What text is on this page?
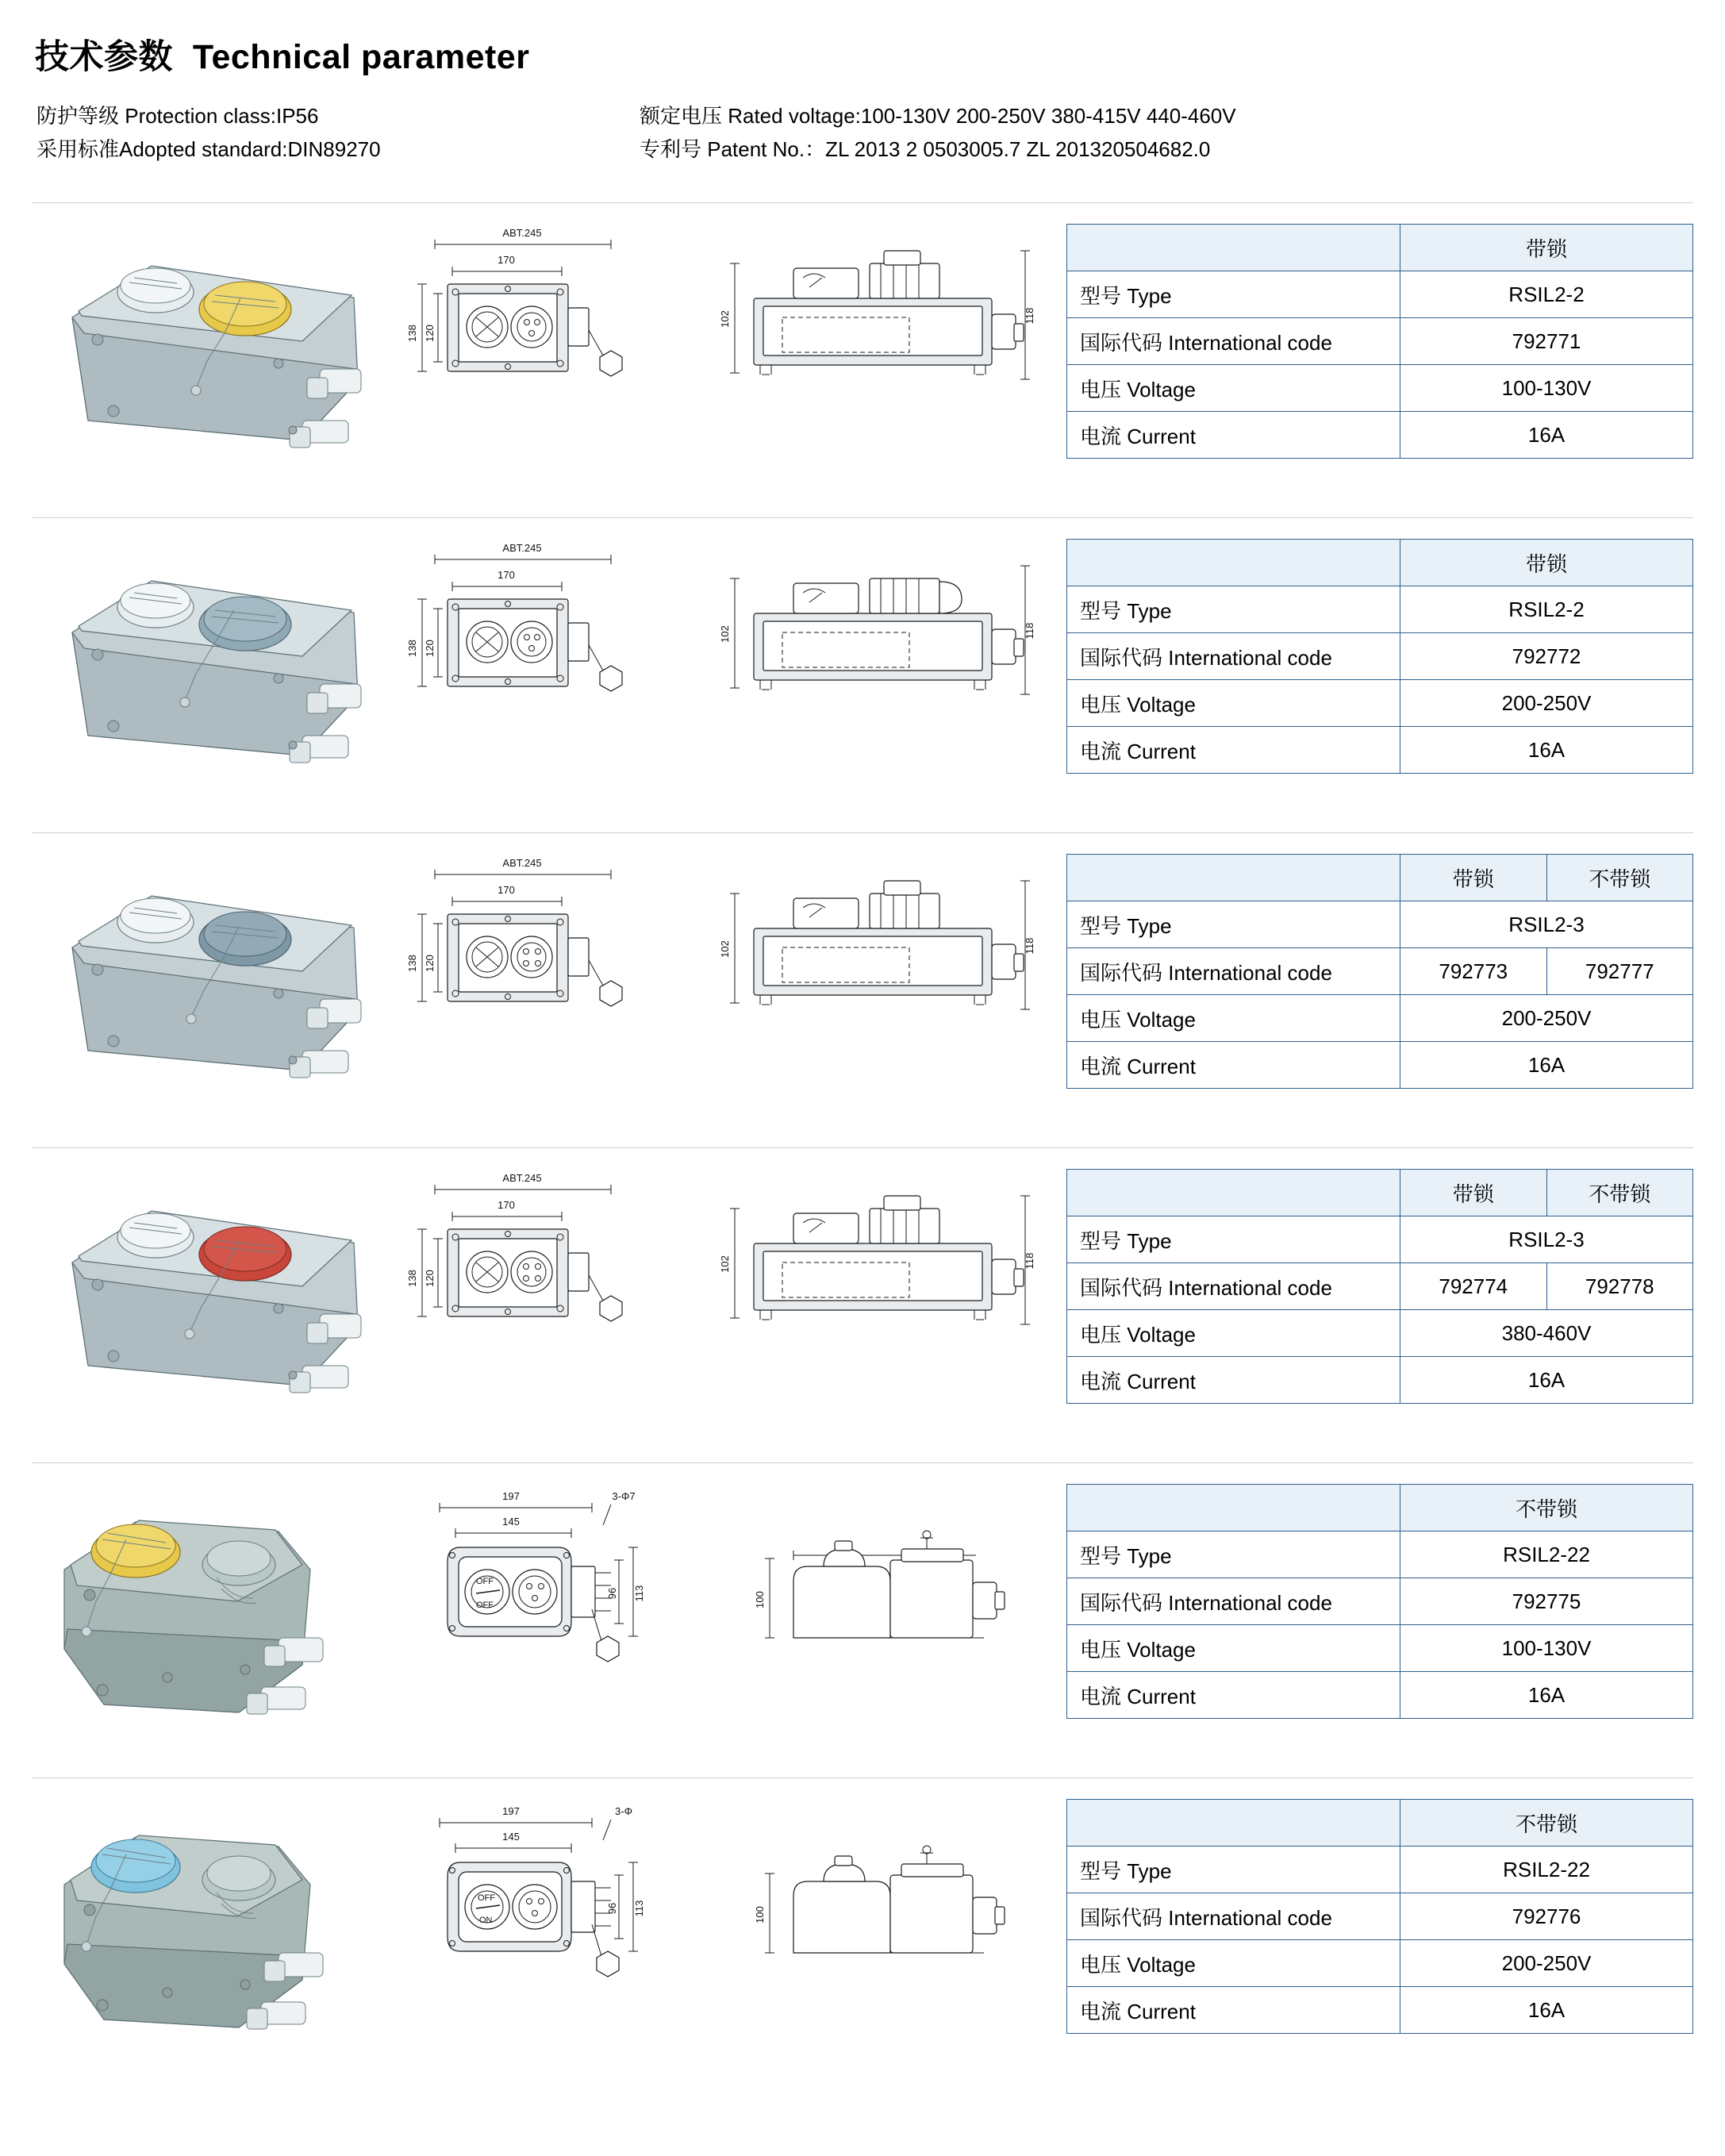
技术参数 Technical parameter
防护等级 Protection class:IP56
采用标准Adopted standard:DIN89270
额定电压 Rated voltage:100-130V 200-250V 380-415V 440-460V
专利号 Patent No.：ZL 2013 2 0503005.7 ZL 201320504682.0
ABT.245
170
138 120
102	118
	带锁
型号 Type	RSIL2-2
国际代码 International code	792771
电压 Voltage	100-130V
电流 Current	16A
ABT.245
170
138 120
102	118
	带锁
型号 Type	RSIL2-2
国际代码 International code	792772
电压 Voltage	200-250V
电流 Current	16A
ABT.245
170
138 120
102	118
	带锁	不带锁
型号 Type	RSIL2-3	
国际代码 International code	792773	792777
电压 Voltage	200-250V	
电流 Current	16A	
ABT.245
170
138 120
102	118
	带锁	不带锁
型号 Type	RSIL2-3	
国际代码 International code	792774	792778
电压 Voltage	380-460V	
电流 Current	16A	
197
145
3-Φ7
OFF
OFF
113
96	100
	不带锁
型号 Type	RSIL2-22
国际代码 International code	792775
电压 Voltage	100-130V
电流 Current	16A
197
145
3-Φ
OFF
ON
113
96	100
	不带锁
型号 Type	RSIL2-22
国际代码 International code	792776
电压 Voltage	200-250V
电流 Current	16A
